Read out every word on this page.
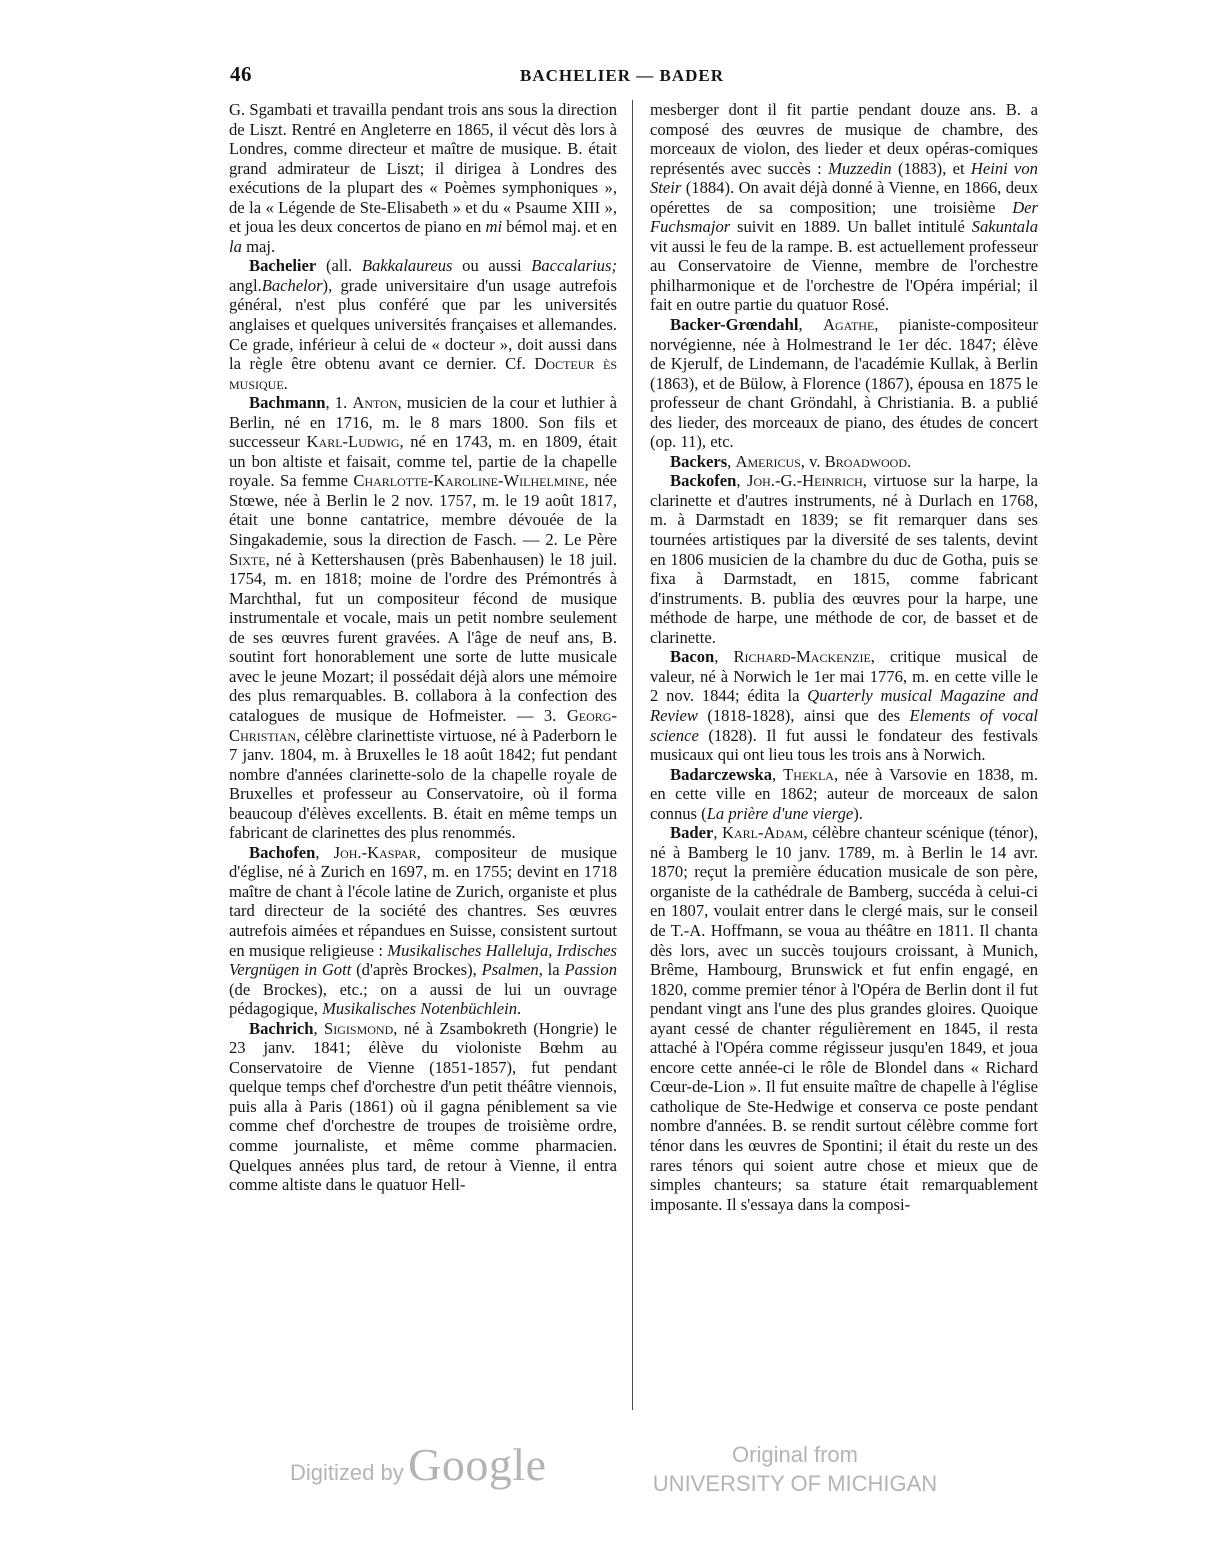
46	BACHELIER — BADER

G. Sgambati et travailla pendant trois ans sous la direction de Liszt. Rentré en Angleterre en 1865, il vécut dès lors à Londres, comme directeur et maître de musique. B. était grand admirateur de Liszt; il dirigea à Londres des exécutions de la plupart des « Poèmes symphoniques », de la « Légende de Ste-Elisabeth » et du « Psaume XIII », et joua les deux concertos de piano en mi bémol maj. et en la maj.

Bachelier (all. Bakkalaureus ou aussi Baccalarius; angl.Bachelor), grade universitaire d'un usage autrefois général, n'est plus conféré que par les universités anglaises et quelques universités françaises et allemandes. Ce grade, inférieur à celui de « docteur », doit aussi dans la règle être obtenu avant ce dernier. Cf. Docteur ès musique.

Bachmann, 1. Anton, musicien de la cour et luthier à Berlin, né en 1716, m. le 8 mars 1800. Son fils et successeur Karl-Ludwig, né en 1743, m. en 1809, était un bon altiste et faisait, comme tel, partie de la chapelle royale. Sa femme Charlotte-Karoline-Wilhelmine, née Stœwe, née à Berlin le 2 nov. 1757, m. le 19 août 1817, était une bonne cantatrice, membre dévouée de la Singakademie, sous la direction de Fasch. — 2. Le Père Sixte, né à Kettershausen (près Babenhausen) le 18 juil. 1754, m. en 1818; moine de l'ordre des Prémontrés à Marchthal, fut un compositeur fécond de musique instrumentale et vocale, mais un petit nombre seulement de ses œuvres furent gravées. A l'âge de neuf ans, B. soutint fort honorablement une sorte de lutte musicale avec le jeune Mozart; il possédait déjà alors une mémoire des plus remarquables. B. collabora à la confection des catalogues de musique de Hofmeister. — 3. Georg-Christian, célèbre clarinettiste virtuose, né à Paderborn le 7 janv. 1804, m. à Bruxelles le 18 août 1842; fut pendant nombre d'années clarinette-solo de la chapelle royale de Bruxelles et professeur au Conservatoire, où il forma beaucoup d'élèves excellents. B. était en même temps un fabricant de clarinettes des plus renommés.

Bachofen, Joh.-Kaspar, compositeur de musique d'église, né à Zurich en 1697, m. en 1755; devint en 1718 maître de chant à l'école latine de Zurich, organiste et plus tard directeur de la société des chantres. Ses œuvres autrefois aimées et répandues en Suisse, consistent surtout en musique religieuse : Musikalisches Halleluja, Irdisches Vergnügen in Gott (d'après Brockes), Psalmen, la Passion (de Brockes), etc.; on a aussi de lui un ouvrage pédagogique, Musikalisches Notenbüchlein.

Bachrich, Sigismond, né à Zsambokreth (Hongrie) le 23 janv. 1841; élève du violoniste Bœhm au Conservatoire de Vienne (1851-1857), fut pendant quelque temps chef d'orchestre d'un petit théâtre viennois, puis alla à Paris (1861) où il gagna péniblement sa vie comme chef d'orchestre de troupes de troisième ordre, comme journaliste, et même comme pharmacien. Quelques années plus tard, de retour à Vienne, il entra comme altiste dans le quatuor Hell-

mesberger dont il fit partie pendant douze ans. B. a composé des œuvres de musique de chambre, des morceaux de violon, des lieder et deux opéras-comiques représentés avec succès : Muzzedin (1883), et Heini von Steir (1884). On avait déjà donné à Vienne, en 1866, deux opérettes de sa composition; une troisième Der Fuchsmajor suivit en 1889. Un ballet intitulé Sakuntala vit aussi le feu de la rampe. B. est actuellement professeur au Conservatoire de Vienne, membre de l'orchestre philharmonique et de l'orchestre de l'Opéra impérial; il fait en outre partie du quatuor Rosé.

Backer-Grœndahl, Agathe, pianiste-compositeur norvégienne, née à Holmestrand le 1er déc. 1847; élève de Kjerulf, de Lindemann, de l'académie Kullak, à Berlin (1863), et de Bülow, à Florence (1867), épousa en 1875 le professeur de chant Gröndahl, à Christiania. B. a publié des lieder, des morceaux de piano, des études de concert (op. 11), etc.

Backers, Americus, v. Broadwood.

Backofen, Joh.-G.-Heinrich, virtuose sur la harpe, la clarinette et d'autres instruments, né à Durlach en 1768, m. à Darmstadt en 1839; se fit remarquer dans ses tournées artistiques par la diversité de ses talents, devint en 1806 musicien de la chambre du duc de Gotha, puis se fixa à Darmstadt, en 1815, comme fabricant d'instruments. B. publia des œuvres pour la harpe, une méthode de harpe, une méthode de cor, de basset et de clarinette.

Bacon, Richard-Mackenzie, critique musical de valeur, né à Norwich le 1er mai 1776, m. en cette ville le 2 nov. 1844; édita la Quarterly musical Magazine and Review (1818-1828), ainsi que des Elements of vocal science (1828). Il fut aussi le fondateur des festivals musicaux qui ont lieu tous les trois ans à Norwich.

Badarczewska, Thekla, née à Varsovie en 1838, m. en cette ville en 1862; auteur de morceaux de salon connus (La prière d'une vierge).

Bader, Karl-Adam, célèbre chanteur scénique (ténor), né à Bamberg le 10 janv. 1789, m. à Berlin le 14 avr. 1870; reçut la première éducation musicale de son père, organiste de la cathédrale de Bamberg, succéda à celui-ci en 1807, voulait entrer dans le clergé mais, sur le conseil de T.-A. Hoffmann, se voua au théâtre en 1811. Il chanta dès lors, avec un succès toujours croissant, à Munich, Brême, Hambourg, Brunswick et fut enfin engagé, en 1820, comme premier ténor à l'Opéra de Berlin dont il fut pendant vingt ans l'une des plus grandes gloires. Quoique ayant cessé de chanter régulièrement en 1845, il resta attaché à l'Opéra comme régisseur jusqu'en 1849, et joua encore cette année-ci le rôle de Blondel dans « Richard Cœur-de-Lion ». Il fut ensuite maître de chapelle à l'église catholique de Ste-Hedwige et conserva ce poste pendant nombre d'années. B. se rendit surtout célèbre comme fort ténor dans les œuvres de Spontini; il était du reste un des rares ténors qui soient autre chose et mieux que de simples chanteurs; sa stature était remarquablement imposante. Il s'essaya dans la composi-

Digitized by Google	Original from
UNIVERSITY OF MICHIGAN
